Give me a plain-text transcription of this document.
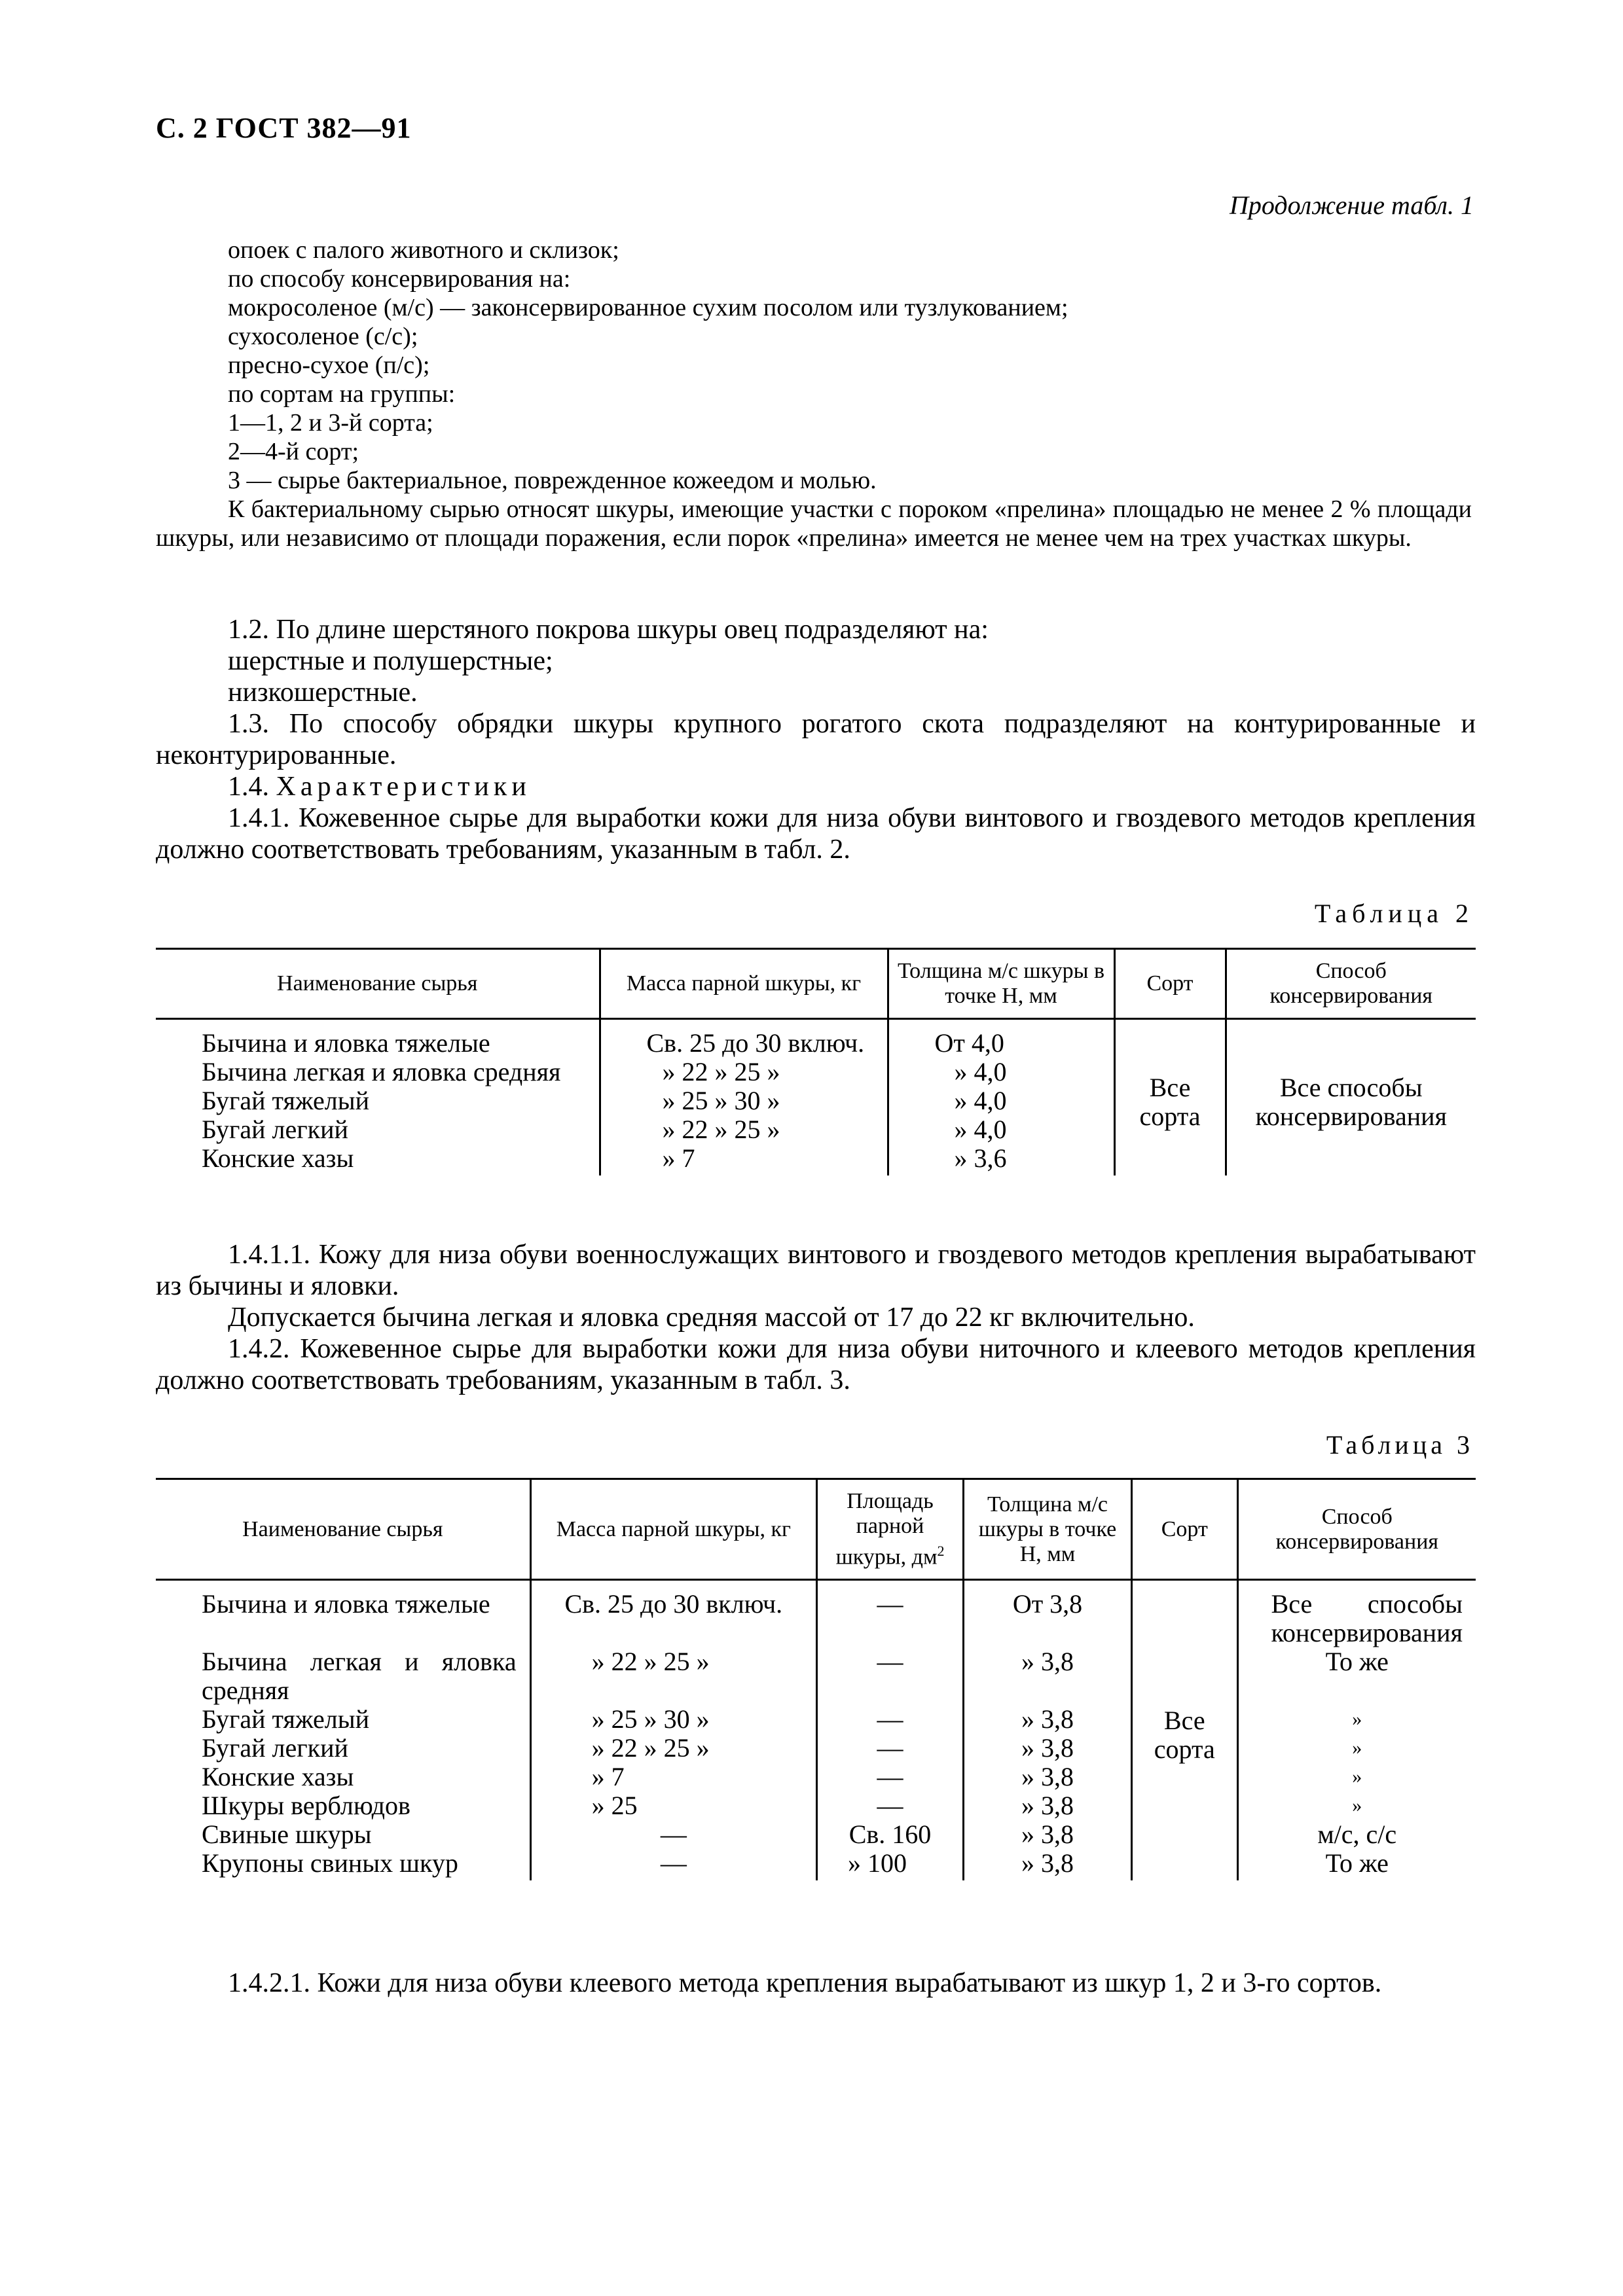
С. 2 ГОСТ 382—91
Продолжение табл. 1

опоек с палого животного и склизок;

по способу консервирования на:

мокросоленое (м/с) — законсервированное сухим посолом или тузлукованием;

сухосоленое (с/с);

пресно-сухое (п/с);

по сортам на группы:

1—1, 2 и 3-й сорта;

2—4-й сорт;

3 — сырье бактериальное, поврежденное кожеедом и молью.

К бактериальному сырью относят шкуры, имеющие участки с пороком «прелина» площадью не менее 2 % площади шкуры, или независимо от площади поражения, если порок «прелина» имеется не менее чем на трех участках шкуры.

1.2. По длине шерстяного покрова шкуры овец подразделяют на:

шерстные и полушерстные;

низкошерстные.

1.3. По способу обрядки шкуры крупного рогатого скота подразделяют на контурированные и неконтурированные.

1.4. Характеристики

1.4.1. Кожевенное сырье для выработки кожи для низа обуви винтового и гвоздевого методов крепления должно соответствовать требованиям, указанным в табл. 2.

Таблица 2
Наименование сырья	Масса парной шкуры, кг	Толщина м/с шкуры в точке H, мм	Сорт	Способ консервирования
Бычина и яловка тяжелые	Св. 25 до 30 включ.	От 4,0	Все сорта	Все способы консервирования
Бычина легкая и яловка средняя	» 22 » 25 »	» 4,0		
Бугай тяжелый	» 25 » 30 »	» 4,0		
Бугай легкий	» 22 » 25 »	» 4,0		
Конские хазы	» 7	» 3,6		

1.4.1.1. Кожу для низа обуви военнослужащих винтового и гвоздевого методов крепления вырабатывают из бычины и яловки.

Допускается бычина легкая и яловка средняя массой от 17 до 22 кг включительно.

1.4.2. Кожевенное сырье для выработки кожи для низа обуви ниточного и клеевого методов крепления должно соответствовать требованиям, указанным в табл. 3.

Таблица 3
Наименование сырья	Масса парной шкуры, кг	Площадь парной шкуры, $дм^2$	Толщина м/с шкуры в точке H, мм	Сорт	Способ консервирования
Бычина и яловка тяжелые	Св. 25 до 30 включ.	—	От 3,8	Все сорта	Все способы консервирования
Бычина легкая и яловка средняя	» 22 » 25 »	—	» 3,8		То же
Бугай тяжелый	» 25 » 30 »	—	» 3,8		»
Бугай легкий	» 22 » 25 »	—	» 3,8		»
Конские хазы	» 7	—	» 3,8		»
Шкуры верблюдов	» 25	—	» 3,8		»
Свиные шкуры	—	Св. 160	» 3,8		м/с, с/с
Крупоны свиных шкур	—	» 100	» 3,8		То же

1.4.2.1. Кожи для низа обуви клеевого метода крепления вырабатывают из шкур 1, 2 и 3-го сортов.
